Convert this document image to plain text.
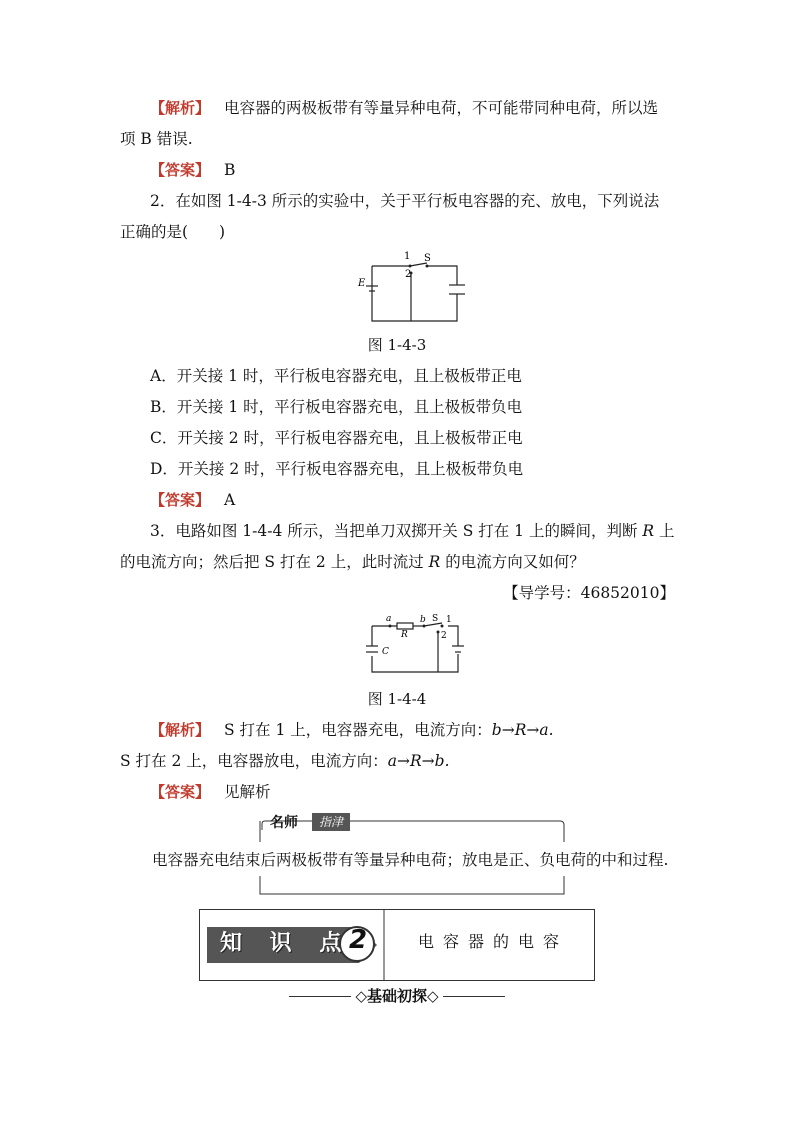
【解析】 电容器的两极板带有等量异种电荷，不可能带同种电荷，所以选

项 B 错误.

【答案】 B

2．在如图 1-4-3 所示的实验中，关于平行板电容器的充、放电，下列说法

正确的是(　　)

1 S
2
E
图 1-4-3

A．开关接 1 时，平行板电容器充电，且上极板带正电

B．开关接 1 时，平行板电容器充电，且上极板带负电

C．开关接 2 时，平行板电容器充电，且上极板带正电

D．开关接 2 时，平行板电容器充电，且上极板带负电

【答案】 A

3．电路如图 1-4-4 所示，当把单刀双掷开关 S 打在 1 上的瞬间，判断 R 上

的电流方向；然后把 S 打在 2 上，此时流过 R 的电流方向又如何？

【导学号：46852010】

a	b S 1
2
R
C
图 1-4-4

【解析】 S 打在 1 上，电容器充电，电流方向：b→R→a.

S 打在 2 上，电容器放电，电流方向：a→R→b.

【答案】 见解析

名师	指津
电容器充电结束后两极板带有等量异种电荷；放电是正、负电荷的中和过程.
知 识 点
2	电容器的电容
◇基础初探◇
